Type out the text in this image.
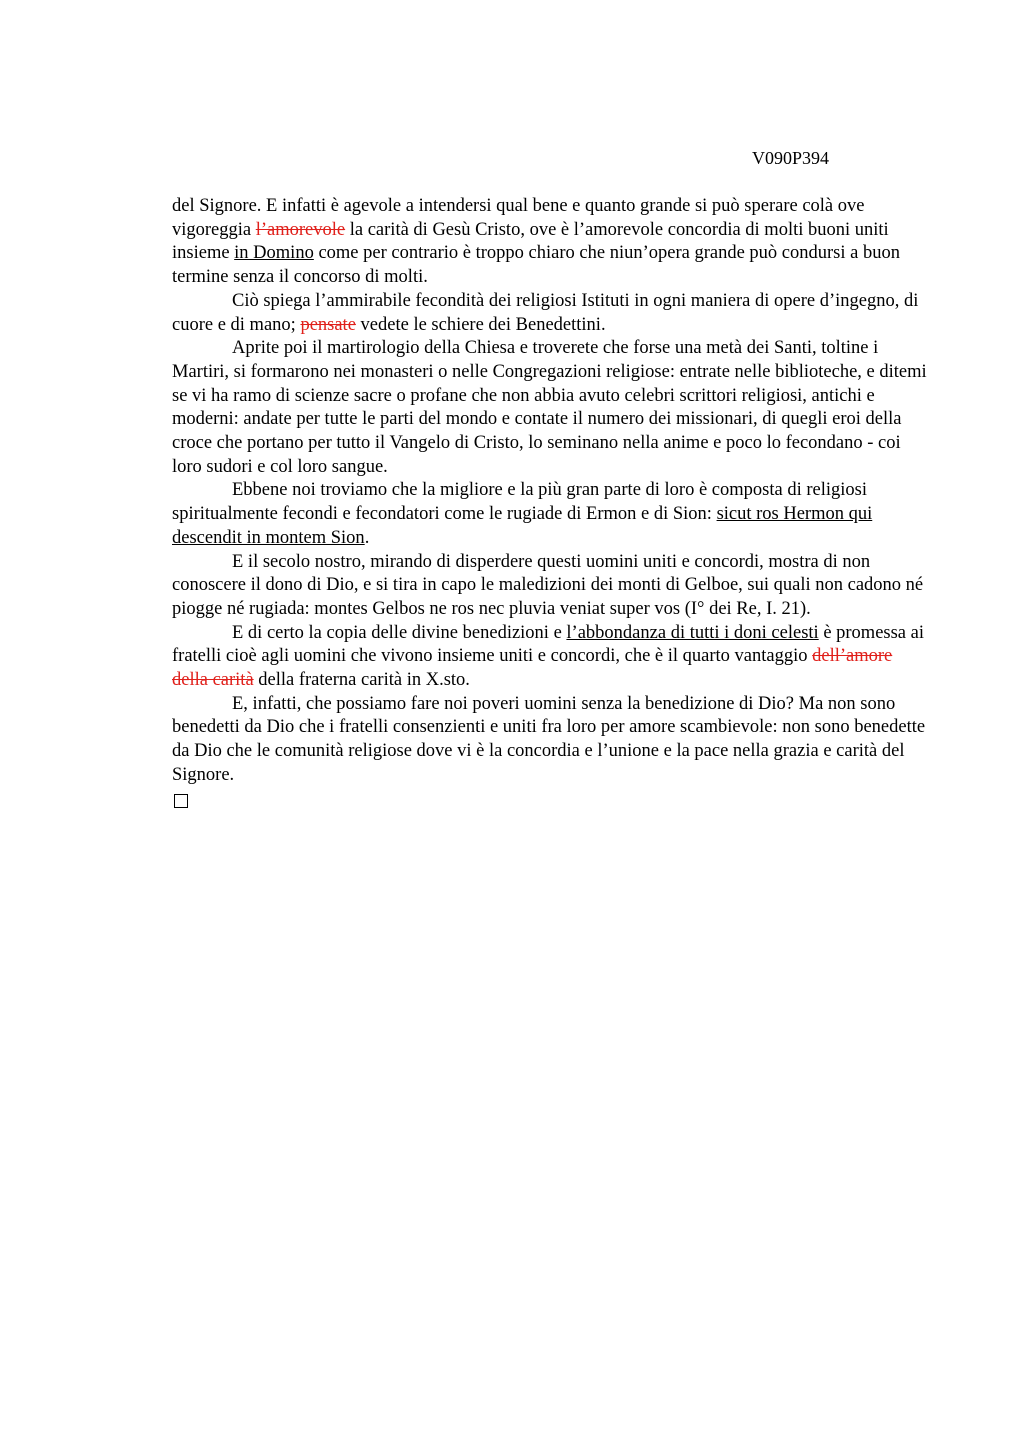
V090P394

del Signore. E infatti è agevole a intendersi qual bene e quanto grande si può sperare colà ove vigoreggia l’amorevole la carità di Gesù Cristo, ove è l’amorevole concordia di molti buoni uniti insieme in Domino come per contrario è troppo chiaro che niun’opera grande può condursi a buon termine senza il concorso di molti.

Ciò spiega l’ammirabile fecondità dei religiosi Istituti in ogni maniera di opere d’ingegno, di cuore e di mano; pensate vedete le schiere dei Benedettini.

Aprite poi il martirologio della Chiesa e troverete che forse una metà dei Santi, toltine i Martiri, si formarono nei monasteri o nelle Congregazioni religiose: entrate nelle biblioteche, e ditemi se vi ha ramo di scienze sacre o profane che non abbia avuto celebri scrittori religiosi, antichi e moderni: andate per tutte le parti del mondo e contate il numero dei missionari, di quegli eroi della croce che portano per tutto il Vangelo di Cristo, lo seminano nella anime e poco lo fecondano - coi loro sudori e col loro sangue.

Ebbene noi troviamo che la migliore e la più gran parte di loro è composta di religiosi spiritualmente fecondi e fecondatori come le rugiade di Ermon e di Sion: sicut ros Hermon qui descendit in montem Sion.

E il secolo nostro, mirando di disperdere questi uomini uniti e concordi, mostra di non conoscere il dono di Dio, e si tira in capo le maledizioni dei monti di Gelboe, sui quali non cadono né piogge né rugiada: montes Gelbos ne ros nec pluvia veniat super vos (I° dei Re, I. 21).

E di certo la copia delle divine benedizioni e l’abbondanza di tutti i doni celesti è promessa ai fratelli cioè agli uomini che vivono insieme uniti e concordi, che è il quarto vantaggio dell’amore della carità della fraterna carità in X.sto.

E, infatti, che possiamo fare noi poveri uomini senza la benedizione di Dio? Ma non sono benedetti da Dio che i fratelli consenzienti e uniti fra loro per amore scambievole: non sono benedette da Dio che le comunità religiose dove vi è la concordia e l’unione e la pace nella grazia e carità del Signore.
